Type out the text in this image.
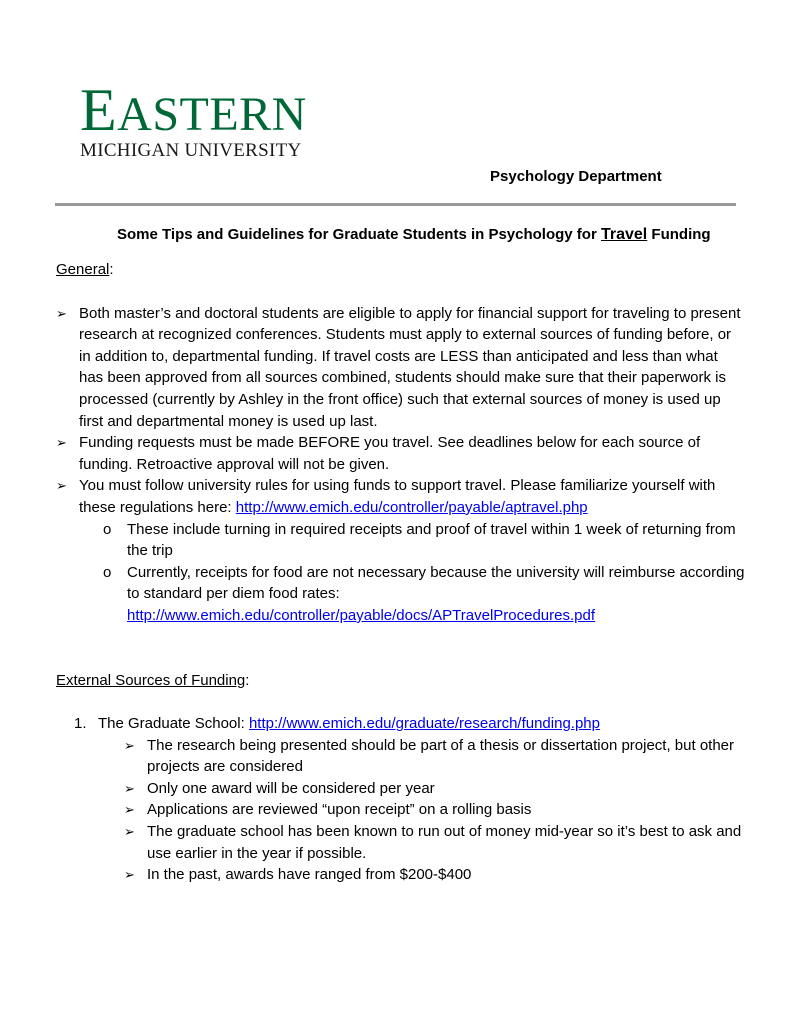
EASTERN
MICHIGAN UNIVERSITY
Psychology Department
Some Tips and Guidelines for Graduate Students in Psychology for Travel Funding

General:

➢ Both master’s and doctoral students are eligible to apply for financial support for traveling to present research at recognized conferences. Students must apply to external sources of funding before, or in addition to, departmental funding. If travel costs are LESS than anticipated and less than what has been approved from all sources combined, students should make sure that their paperwork is processed (currently by Ashley in the front office) such that external sources of money is used up first and departmental money is used up last.
➢ Funding requests must be made BEFORE you travel. See deadlines below for each source of funding. Retroactive approval will not be given.
➢ You must follow university rules for using funds to support travel. Please familiarize yourself with these regulations here: http://www.emich.edu/controller/payable/aptravel.php
o These include turning in required receipts and proof of travel within 1 week of returning from the trip
o Currently, receipts for food are not necessary because the university will reimburse according to standard per diem food rates:
http://www.emich.edu/controller/payable/docs/APTravelProcedures.pdf

External Sources of Funding:

1. The Graduate School: http://www.emich.edu/graduate/research/funding.php
➢ The research being presented should be part of a thesis or dissertation project, but other projects are considered
➢ Only one award will be considered per year
➢ Applications are reviewed “upon receipt” on a rolling basis
➢ The graduate school has been known to run out of money mid-year so it’s best to ask and use earlier in the year if possible.
➢ In the past, awards have ranged from $200-$400
